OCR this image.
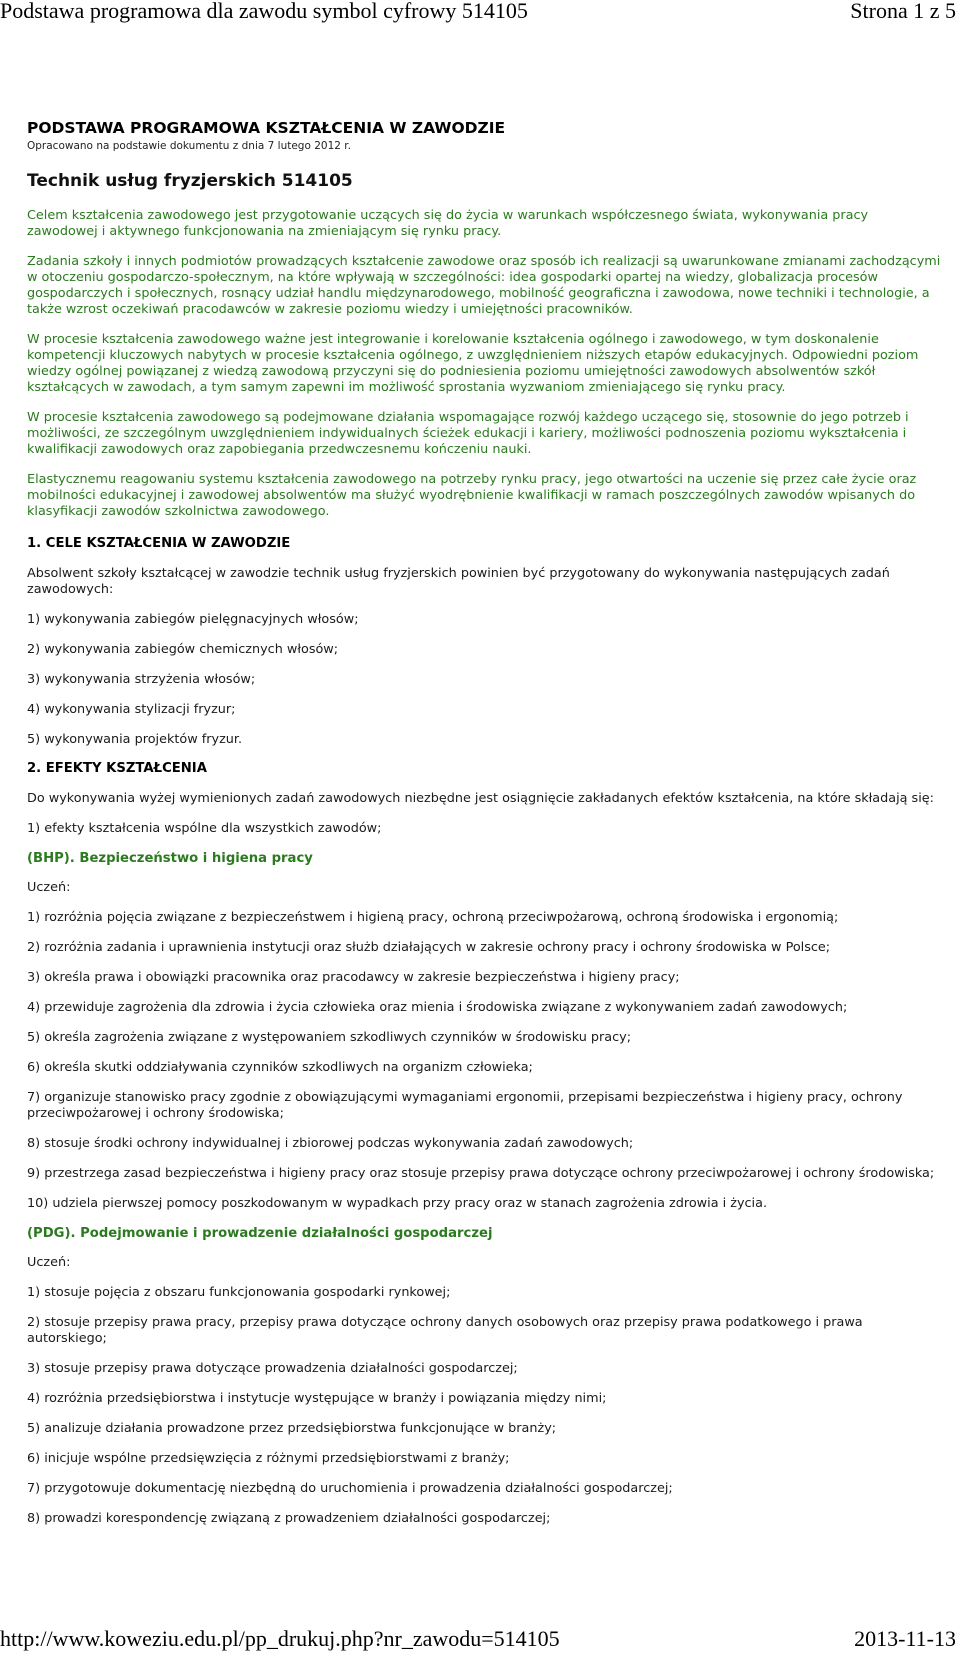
Podstawa programowa dla zawodu symbol cyfrowy 514105	Strona 1 z 5

PODSTAWA PROGRAMOWA KSZTAŁCENIA W ZAWODZIE

Opracowano na podstawie dokumentu z dnia 7 lutego 2012 r.

Technik usług fryzjerskich 514105

Celem kształcenia zawodowego jest przygotowanie uczących się do życia w warunkach współczesnego świata, wykonywania pracy zawodowej i aktywnego funkcjonowania na zmieniającym się rynku pracy.

Zadania szkoły i innych podmiotów prowadzących kształcenie zawodowe oraz sposób ich realizacji są uwarunkowane zmianami zachodzącymi w otoczeniu gospodarczo-społecznym, na które wpływają w szczególności: idea gospodarki opartej na wiedzy, globalizacja procesów gospodarczych i społecznych, rosnący udział handlu międzynarodowego, mobilność geograficzna i zawodowa, nowe techniki i technologie, a także wzrost oczekiwań pracodawców w zakresie poziomu wiedzy i umiejętności pracowników.

W procesie kształcenia zawodowego ważne jest integrowanie i korelowanie kształcenia ogólnego i zawodowego, w tym doskonalenie kompetencji kluczowych nabytych w procesie kształcenia ogólnego, z uwzględnieniem niższych etapów edukacyjnych. Odpowiedni poziom wiedzy ogólnej powiązanej z wiedzą zawodową przyczyni się do podniesienia poziomu umiejętności zawodowych absolwentów szkół kształcących w zawodach, a tym samym zapewni im możliwość sprostania wyzwaniom zmieniającego się rynku pracy.

W procesie kształcenia zawodowego są podejmowane działania wspomagające rozwój każdego uczącego się, stosownie do jego potrzeb i możliwości, ze szczególnym uwzględnieniem indywidualnych ścieżek edukacji i kariery, możliwości podnoszenia poziomu wykształcenia i kwalifikacji zawodowych oraz zapobiegania przedwczesnemu kończeniu nauki.

Elastycznemu reagowaniu systemu kształcenia zawodowego na potrzeby rynku pracy, jego otwartości na uczenie się przez całe życie oraz mobilności edukacyjnej i zawodowej absolwentów ma służyć wyodrębnienie kwalifikacji w ramach poszczególnych zawodów wpisanych do klasyfikacji zawodów szkolnictwa zawodowego.

1. CELE KSZTAŁCENIA W ZAWODZIE

Absolwent szkoły kształcącej w zawodzie technik usług fryzjerskich powinien być przygotowany do wykonywania następujących zadań zawodowych:

1) wykonywania zabiegów pielęgnacyjnych włosów;

2) wykonywania zabiegów chemicznych włosów;

3) wykonywania strzyżenia włosów;

4) wykonywania stylizacji fryzur;

5) wykonywania projektów fryzur.

2. EFEKTY KSZTAŁCENIA

Do wykonywania wyżej wymienionych zadań zawodowych niezbędne jest osiągnięcie zakładanych efektów kształcenia, na które składają się:

1) efekty kształcenia wspólne dla wszystkich zawodów;

(BHP). Bezpieczeństwo i higiena pracy

Uczeń:

1) rozróżnia pojęcia związane z bezpieczeństwem i higieną pracy, ochroną przeciwpożarową, ochroną środowiska i ergonomią;

2) rozróżnia zadania i uprawnienia instytucji oraz służb działających w zakresie ochrony pracy i ochrony środowiska w Polsce;

3) określa prawa i obowiązki pracownika oraz pracodawcy w zakresie bezpieczeństwa i higieny pracy;

4) przewiduje zagrożenia dla zdrowia i życia człowieka oraz mienia i środowiska związane z wykonywaniem zadań zawodowych;

5) określa zagrożenia związane z występowaniem szkodliwych czynników w środowisku pracy;

6) określa skutki oddziaływania czynników szkodliwych na organizm człowieka;

7) organizuje stanowisko pracy zgodnie z obowiązującymi wymaganiami ergonomii, przepisami bezpieczeństwa i higieny pracy, ochrony przeciwpożarowej i ochrony środowiska;

8) stosuje środki ochrony indywidualnej i zbiorowej podczas wykonywania zadań zawodowych;

9) przestrzega zasad bezpieczeństwa i higieny pracy oraz stosuje przepisy prawa dotyczące ochrony przeciwpożarowej i ochrony środowiska;

10) udziela pierwszej pomocy poszkodowanym w wypadkach przy pracy oraz w stanach zagrożenia zdrowia i życia.

(PDG). Podejmowanie i prowadzenie działalności gospodarczej

Uczeń:

1) stosuje pojęcia z obszaru funkcjonowania gospodarki rynkowej;

2) stosuje przepisy prawa pracy, przepisy prawa dotyczące ochrony danych osobowych oraz przepisy prawa podatkowego i prawa autorskiego;

3) stosuje przepisy prawa dotyczące prowadzenia działalności gospodarczej;

4) rozróżnia przedsiębiorstwa i instytucje występujące w branży i powiązania między nimi;

5) analizuje działania prowadzone przez przedsiębiorstwa funkcjonujące w branży;

6) inicjuje wspólne przedsięwzięcia z różnymi przedsiębiorstwami z branży;

7) przygotowuje dokumentację niezbędną do uruchomienia i prowadzenia działalności gospodarczej;

8) prowadzi korespondencję związaną z prowadzeniem działalności gospodarczej;

http://www.koweziu.edu.pl/pp_drukuj.php?nr_zawodu=514105	2013-11-13
